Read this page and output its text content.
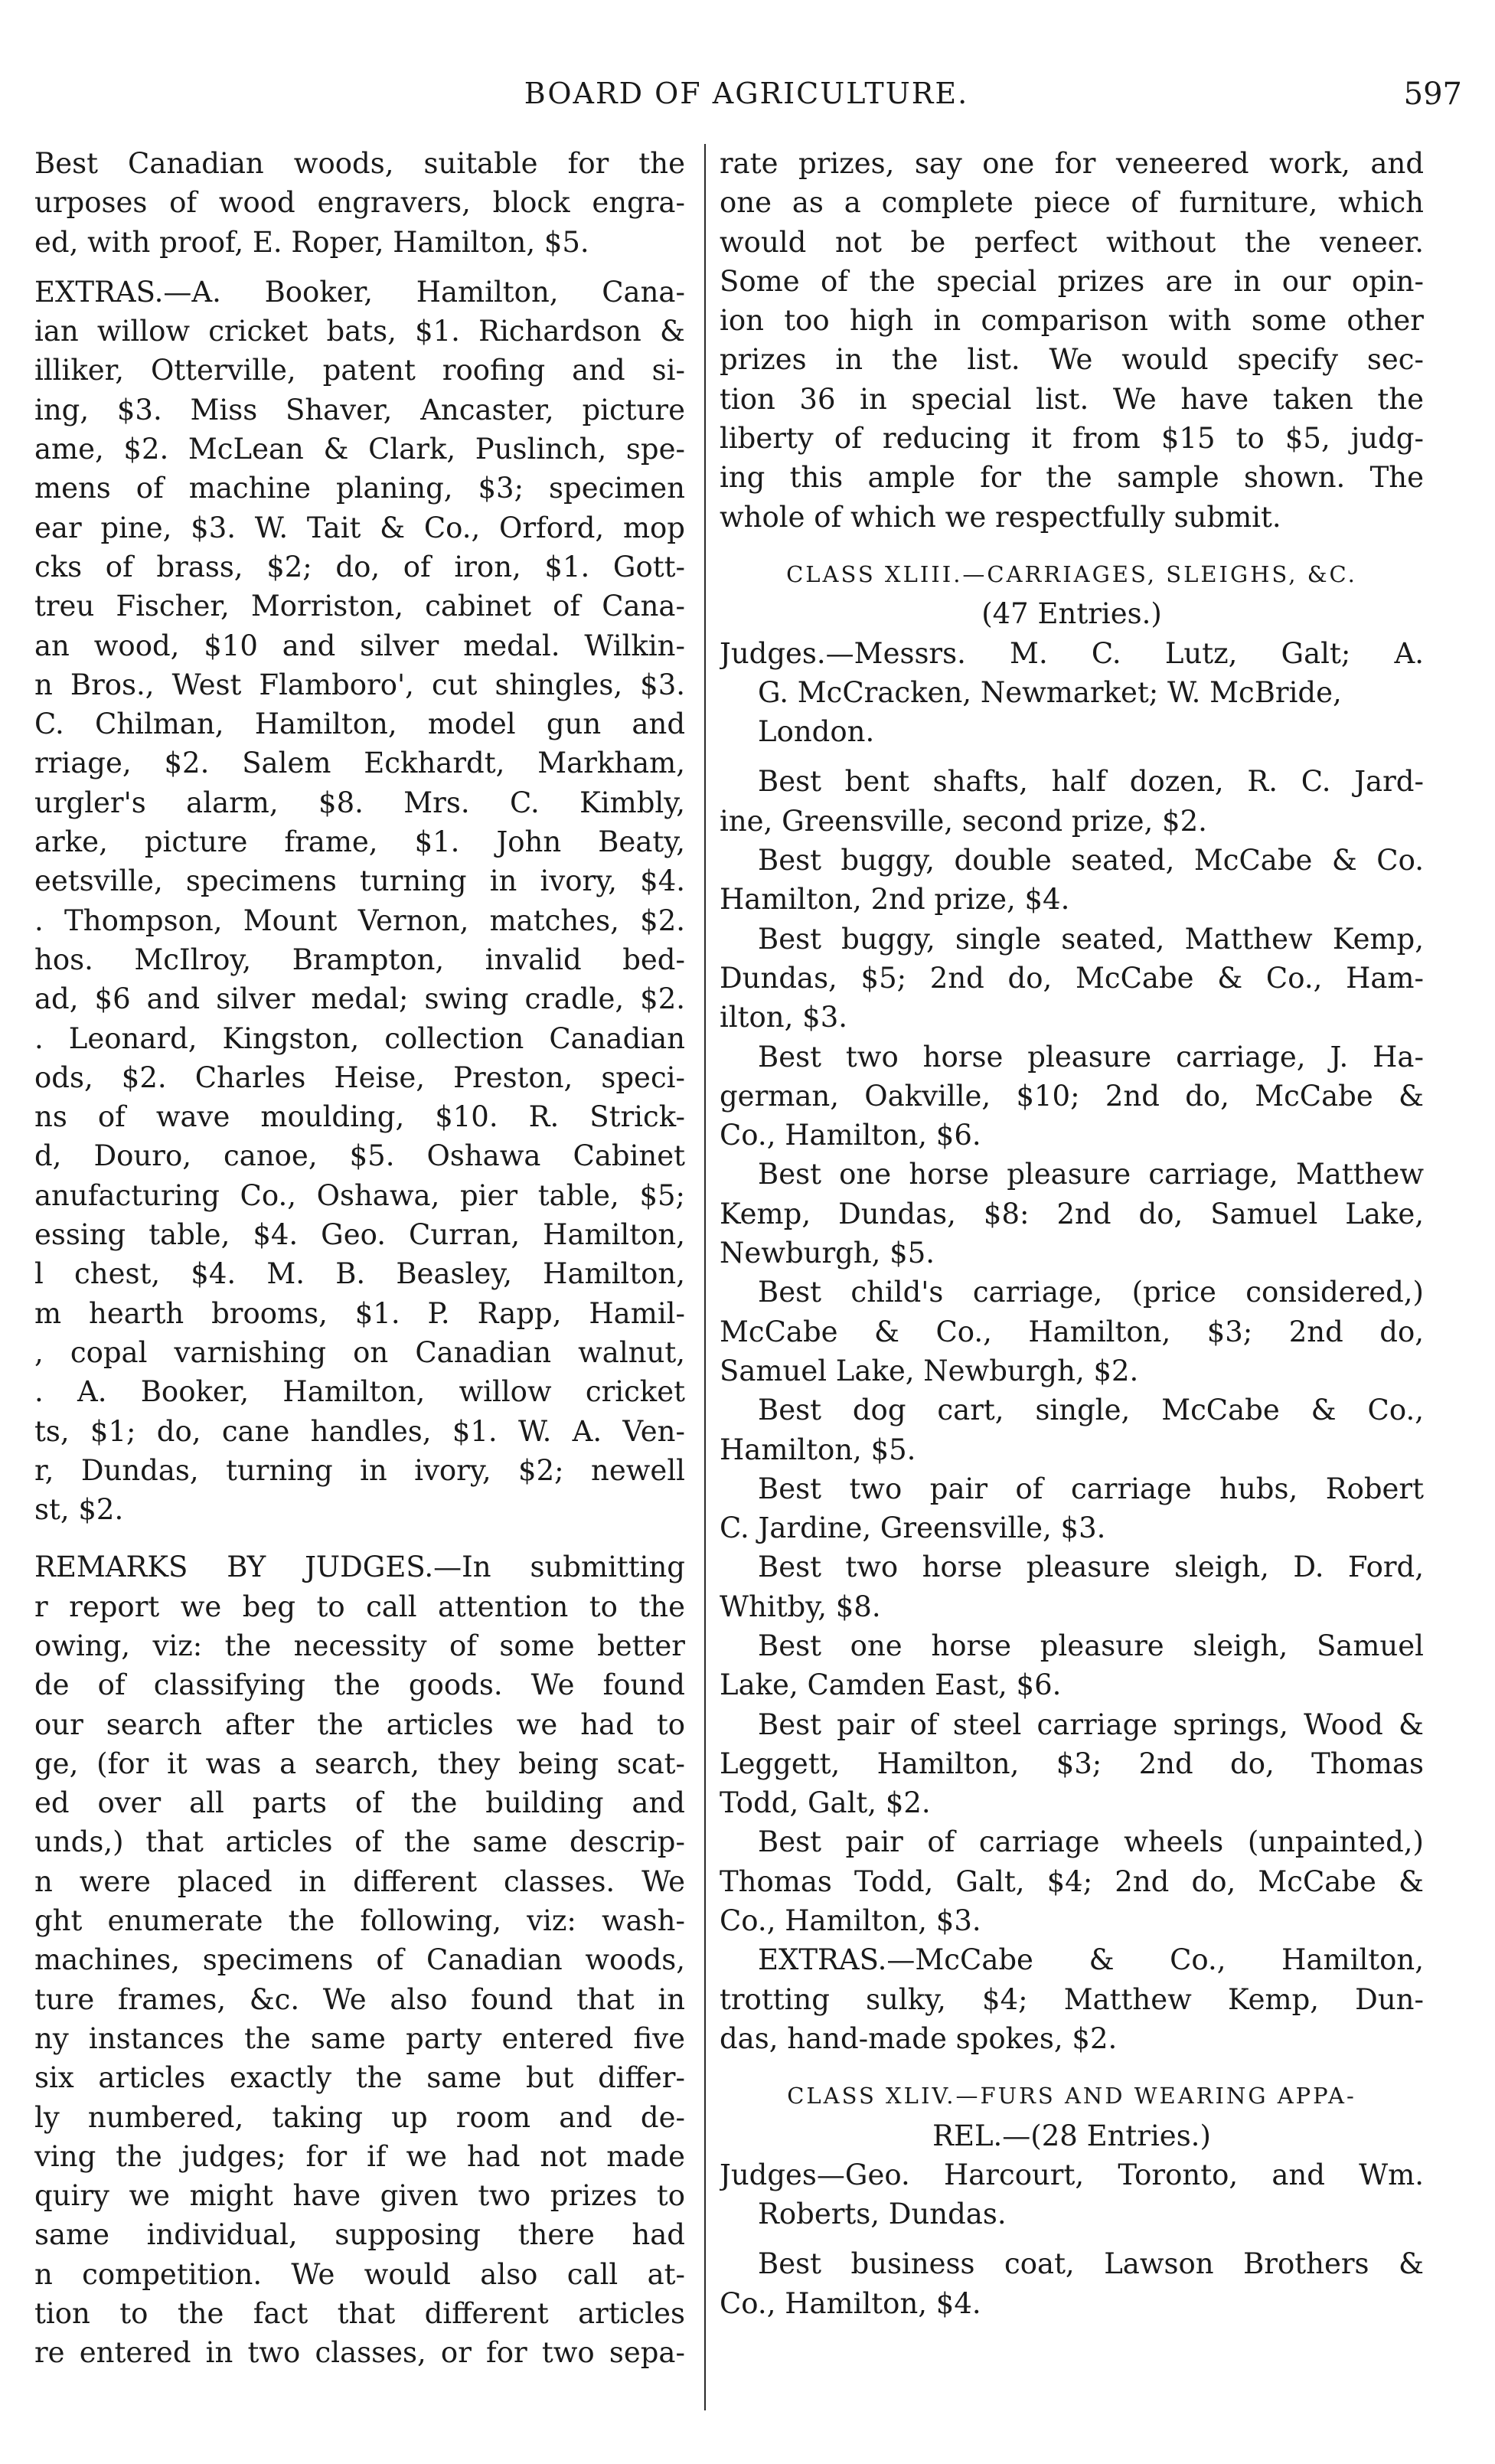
BOARD OF AGRICULTURE.	597
Best Canadian woods, suitable for the
urposes of wood engravers, block engra-
ed, with proof, E. Roper, Hamilton, $5.
EXTRAS.—A. Booker, Hamilton, Cana-
ian willow cricket bats, $1. Richardson &
illiker, Otterville, patent roofing and si-
ing, $3. Miss Shaver, Ancaster, picture
ame, $2. McLean & Clark, Puslinch, spe-
mens of machine planing, $3; specimen
ear pine, $3. W. Tait & Co., Orford, mop
cks of brass, $2; do, of iron, $1. Gott-
treu Fischer, Morriston, cabinet of Cana-
an wood, $10 and silver medal. Wilkin-
n Bros., West Flamboro', cut shingles, $3.
C. Chilman, Hamilton, model gun and
rriage, $2. Salem Eckhardt, Markham,
urgler's alarm, $8. Mrs. C. Kimbly,
arke, picture frame, $1. John Beaty,
eetsville, specimens turning in ivory, $4.
. Thompson, Mount Vernon, matches, $2.
hos. McIlroy, Brampton, invalid bed-
ad, $6 and silver medal; swing cradle, $2.
. Leonard, Kingston, collection Canadian
ods, $2. Charles Heise, Preston, speci-
ns of wave moulding, $10. R. Strick-
d, Douro, canoe, $5. Oshawa Cabinet
anufacturing Co., Oshawa, pier table, $5;
essing table, $4. Geo. Curran, Hamilton,
l chest, $4. M. B. Beasley, Hamilton,
m hearth brooms, $1. P. Rapp, Hamil-
, copal varnishing on Canadian walnut,
. A. Booker, Hamilton, willow cricket
ts, $1; do, cane handles, $1. W. A. Ven-
r, Dundas, turning in ivory, $2; newell
st, $2.
REMARKS BY JUDGES.—In submitting
r report we beg to call attention to the
owing, viz: the necessity of some better
de of classifying the goods. We found
our search after the articles we had to
ge, (for it was a search, they being scat-
ed over all parts of the building and
unds,) that articles of the same descrip-
n were placed in different classes. We
ght enumerate the following, viz: wash-
machines, specimens of Canadian woods,
ture frames, &c. We also found that in
ny instances the same party entered five
six articles exactly the same but differ-
ly numbered, taking up room and de-
ving the judges; for if we had not made
quiry we might have given two prizes to
same individual, supposing there had
n competition. We would also call at-
tion to the fact that different articles
re entered in two classes, or for two sepa-
rate prizes, say one for veneered work, and
one as a complete piece of furniture, which
would not be perfect without the veneer.
Some of the special prizes are in our opin-
ion too high in comparison with some other
prizes in the list. We would specify sec-
tion 36 in special list. We have taken the
liberty of reducing it from $15 to $5, judg-
ing this ample for the sample shown. The
whole of which we respectfully submit.
CLASS XLIII.—CARRIAGES, SLEIGHS, &C.
(47 Entries.)
Judges.—Messrs. M. C. Lutz, Galt; A.
G. McCracken, Newmarket; W. McBride,
London.
Best bent shafts, half dozen, R. C. Jard-
ine, Greensville, second prize, $2.
Best buggy, double seated, McCabe & Co.
Hamilton, 2nd prize, $4.
Best buggy, single seated, Matthew Kemp,
Dundas, $5; 2nd do, McCabe & Co., Ham-
ilton, $3.
Best two horse pleasure carriage, J. Ha-
german, Oakville, $10; 2nd do, McCabe &
Co., Hamilton, $6.
Best one horse pleasure carriage, Matthew
Kemp, Dundas, $8: 2nd do, Samuel Lake,
Newburgh, $5.
Best child's carriage, (price considered,)
McCabe & Co., Hamilton, $3; 2nd do,
Samuel Lake, Newburgh, $2.
Best dog cart, single, McCabe & Co.,
Hamilton, $5.
Best two pair of carriage hubs, Robert
C. Jardine, Greensville, $3.
Best two horse pleasure sleigh, D. Ford,
Whitby, $8.
Best one horse pleasure sleigh, Samuel
Lake, Camden East, $6.
Best pair of steel carriage springs, Wood &
Leggett, Hamilton, $3; 2nd do, Thomas
Todd, Galt, $2.
Best pair of carriage wheels (unpainted,)
Thomas Todd, Galt, $4; 2nd do, McCabe &
Co., Hamilton, $3.
EXTRAS.—McCabe & Co., Hamilton,
trotting sulky, $4; Matthew Kemp, Dun-
das, hand-made spokes, $2.
CLASS XLIV.—FURS AND WEARING APPA-
REL.—(28 Entries.)
Judges—Geo. Harcourt, Toronto, and Wm.
Roberts, Dundas.
Best business coat, Lawson Brothers &
Co., Hamilton, $4.
